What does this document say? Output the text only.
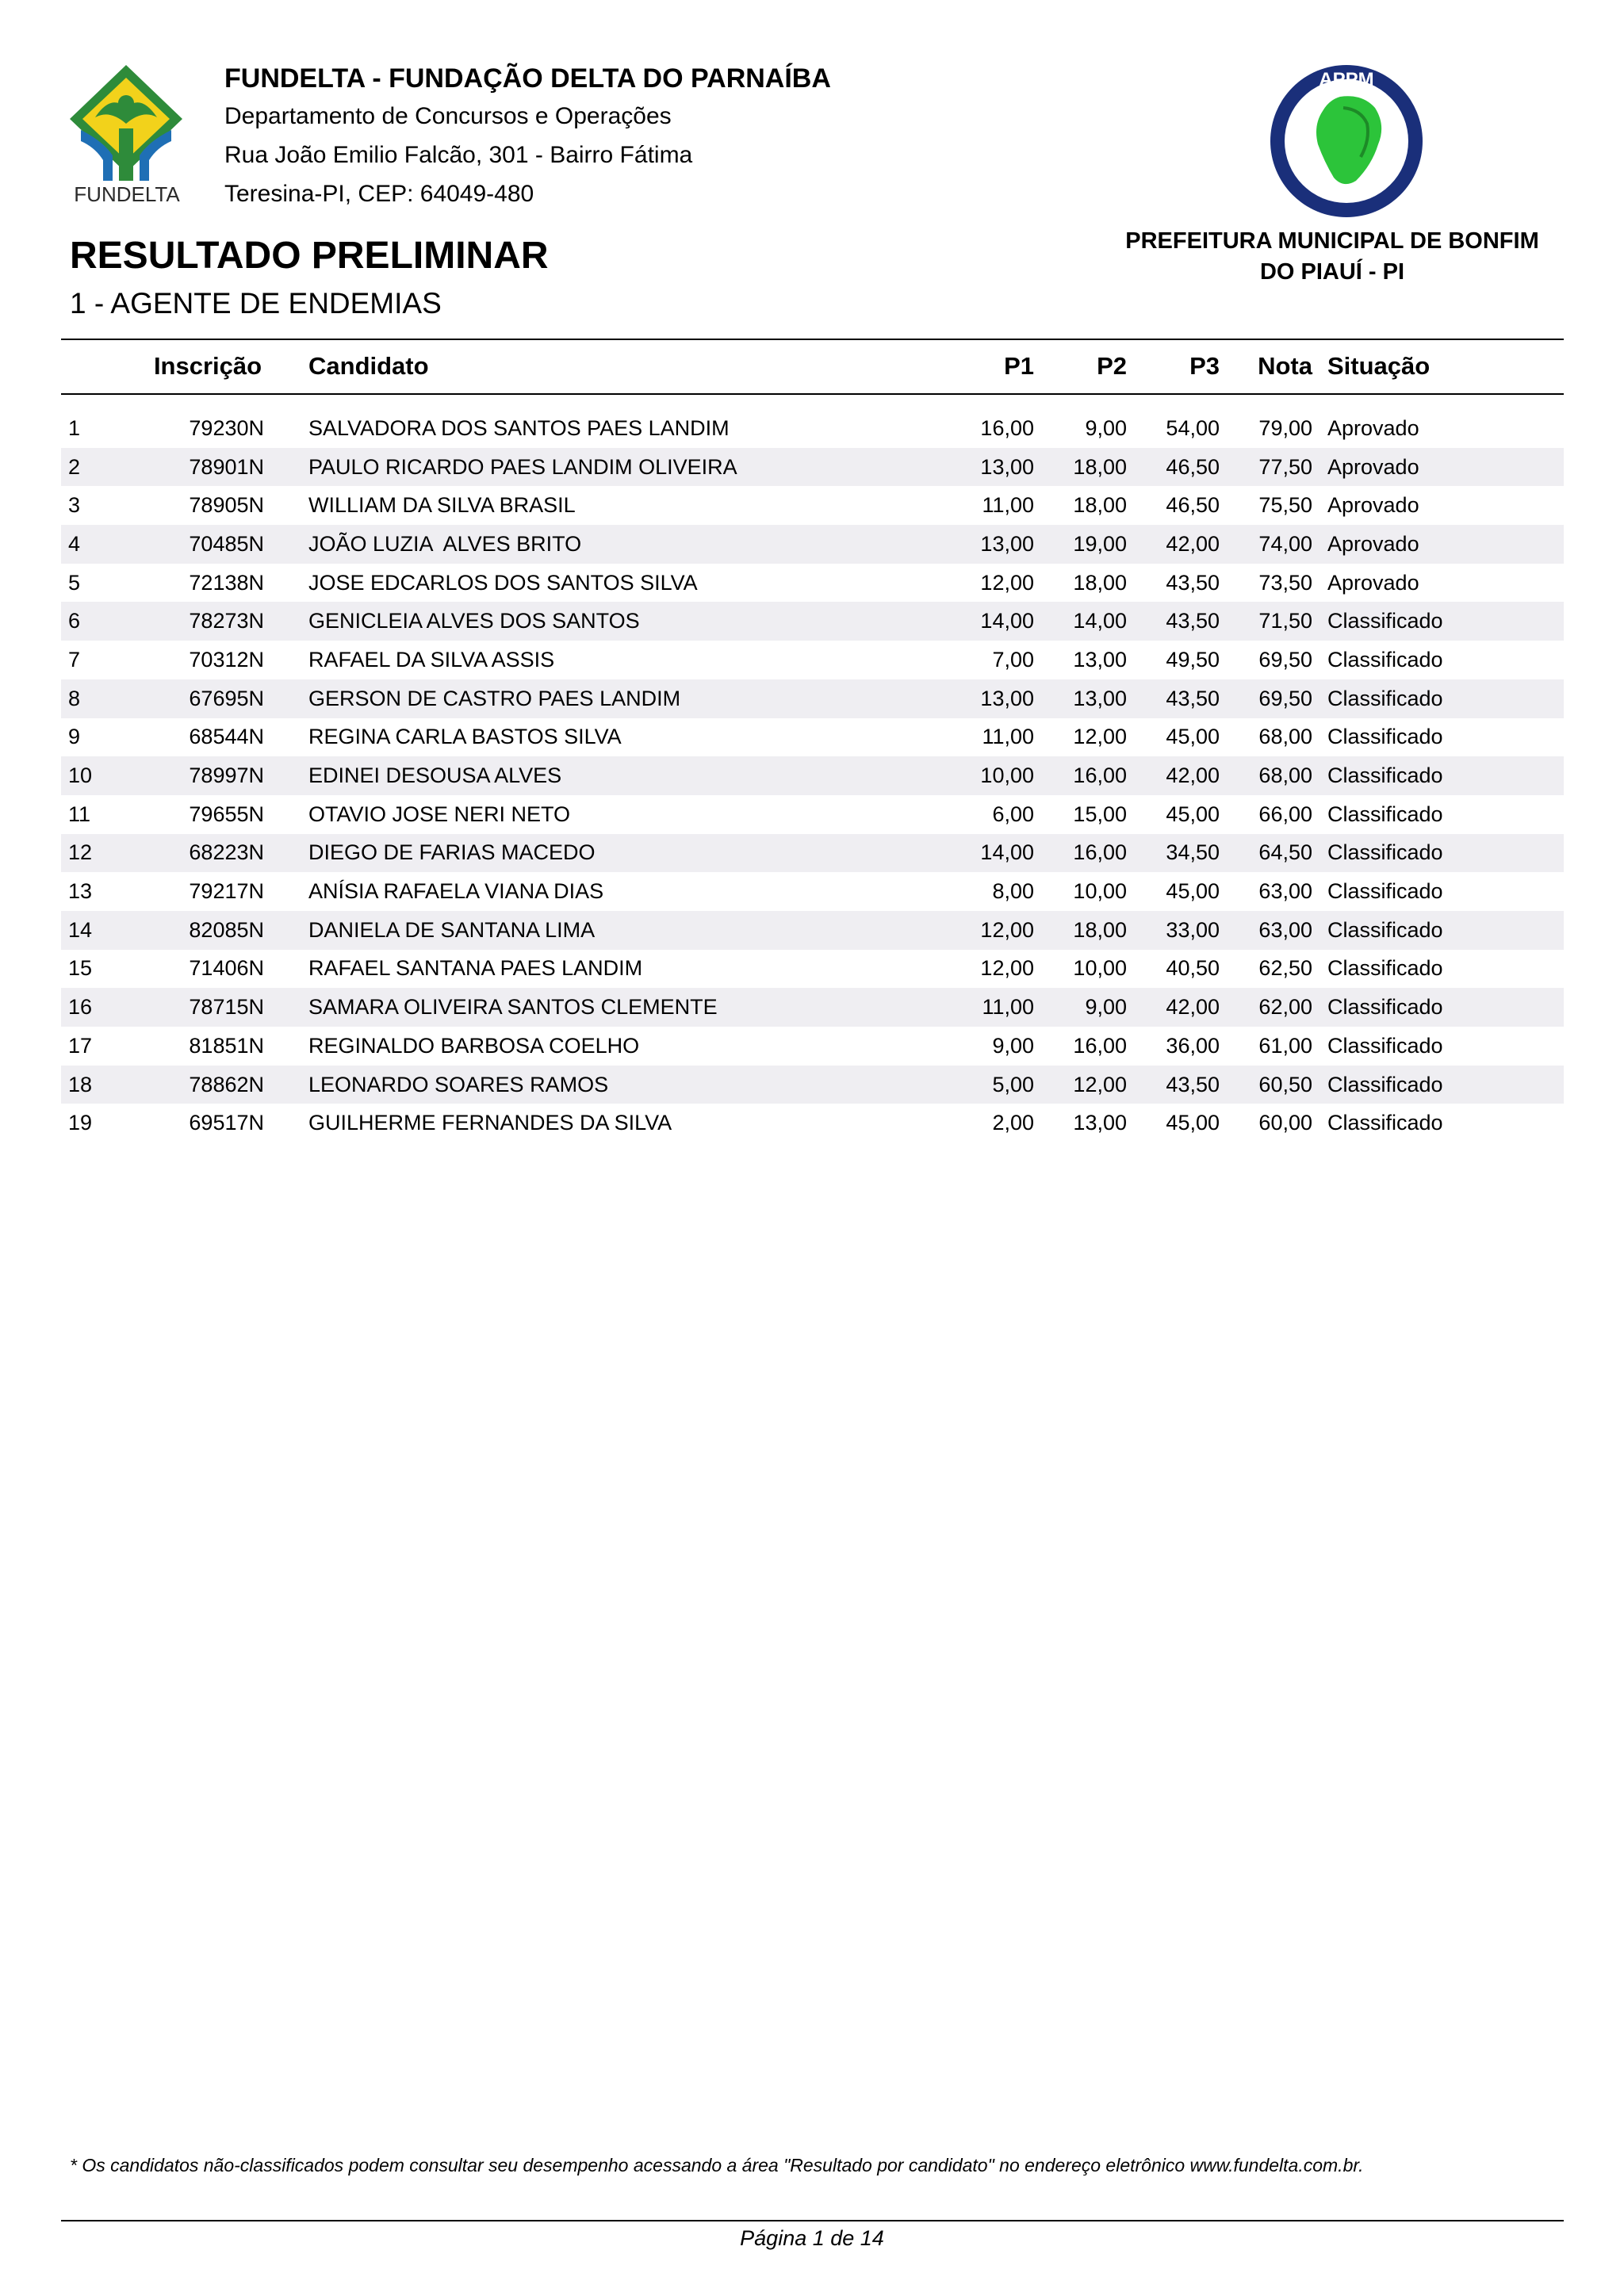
FUNDELTA
FUNDELTA - FUNDAÇÃO DELTA DO PARNAÍBA
Departamento de Concursos e Operações
Rua João Emilio Falcão, 301 - Bairro Fátima
Teresina-PI, CEP: 64049-480
APPM
PREFEITURA MUNICIPAL DE BONFIM
DO PIAUÍ - PI
RESULTADO PRELIMINAR
1 - AGENTE DE ENDEMIAS
Inscrição Candidato	P1	P2	P3	Nota Situação
1	79230N SALVADORA DOS SANTOS PAES LANDIM	16,00	9,00	54,00	79,00 Aprovado
2	78901N PAULO RICARDO PAES LANDIM OLIVEIRA	13,00	18,00	46,50	77,50 Aprovado
3	78905N WILLIAM DA SILVA BRASIL	11,00	18,00	46,50	75,50 Aprovado
4	70485N JOÃO LUZIA  ALVES BRITO	13,00	19,00	42,00	74,00 Aprovado
5	72138N JOSE EDCARLOS DOS SANTOS SILVA	12,00	18,00	43,50	73,50 Aprovado
6	78273N GENICLEIA ALVES DOS SANTOS	14,00	14,00	43,50	71,50 Classificado
7	70312N RAFAEL DA SILVA ASSIS	7,00	13,00	49,50	69,50 Classificado
8	67695N GERSON DE CASTRO PAES LANDIM	13,00	13,00	43,50	69,50 Classificado
9	68544N REGINA CARLA BASTOS SILVA	11,00	12,00	45,00	68,00 Classificado
10	78997N EDINEI DESOUSA ALVES	10,00	16,00	42,00	68,00 Classificado
11	79655N OTAVIO JOSE NERI NETO	6,00	15,00	45,00	66,00 Classificado
12	68223N DIEGO DE FARIAS MACEDO	14,00	16,00	34,50	64,50 Classificado
13	79217N ANÍSIA RAFAELA VIANA DIAS	8,00	10,00	45,00	63,00 Classificado
14	82085N DANIELA DE SANTANA LIMA	12,00	18,00	33,00	63,00 Classificado
15	71406N RAFAEL SANTANA PAES LANDIM	12,00	10,00	40,50	62,50 Classificado
16	78715N SAMARA OLIVEIRA SANTOS CLEMENTE	11,00	9,00	42,00	62,00 Classificado
17	81851N REGINALDO BARBOSA COELHO	9,00	16,00	36,00	61,00 Classificado
18	78862N LEONARDO SOARES RAMOS	5,00	12,00	43,50	60,50 Classificado
19	69517N GUILHERME FERNANDES DA SILVA	2,00	13,00	45,00	60,00 Classificado
* Os candidatos não-classificados podem consultar seu desempenho acessando a área "Resultado por candidato" no endereço eletrônico www.fundelta.com.br.
Página 1 de 14
